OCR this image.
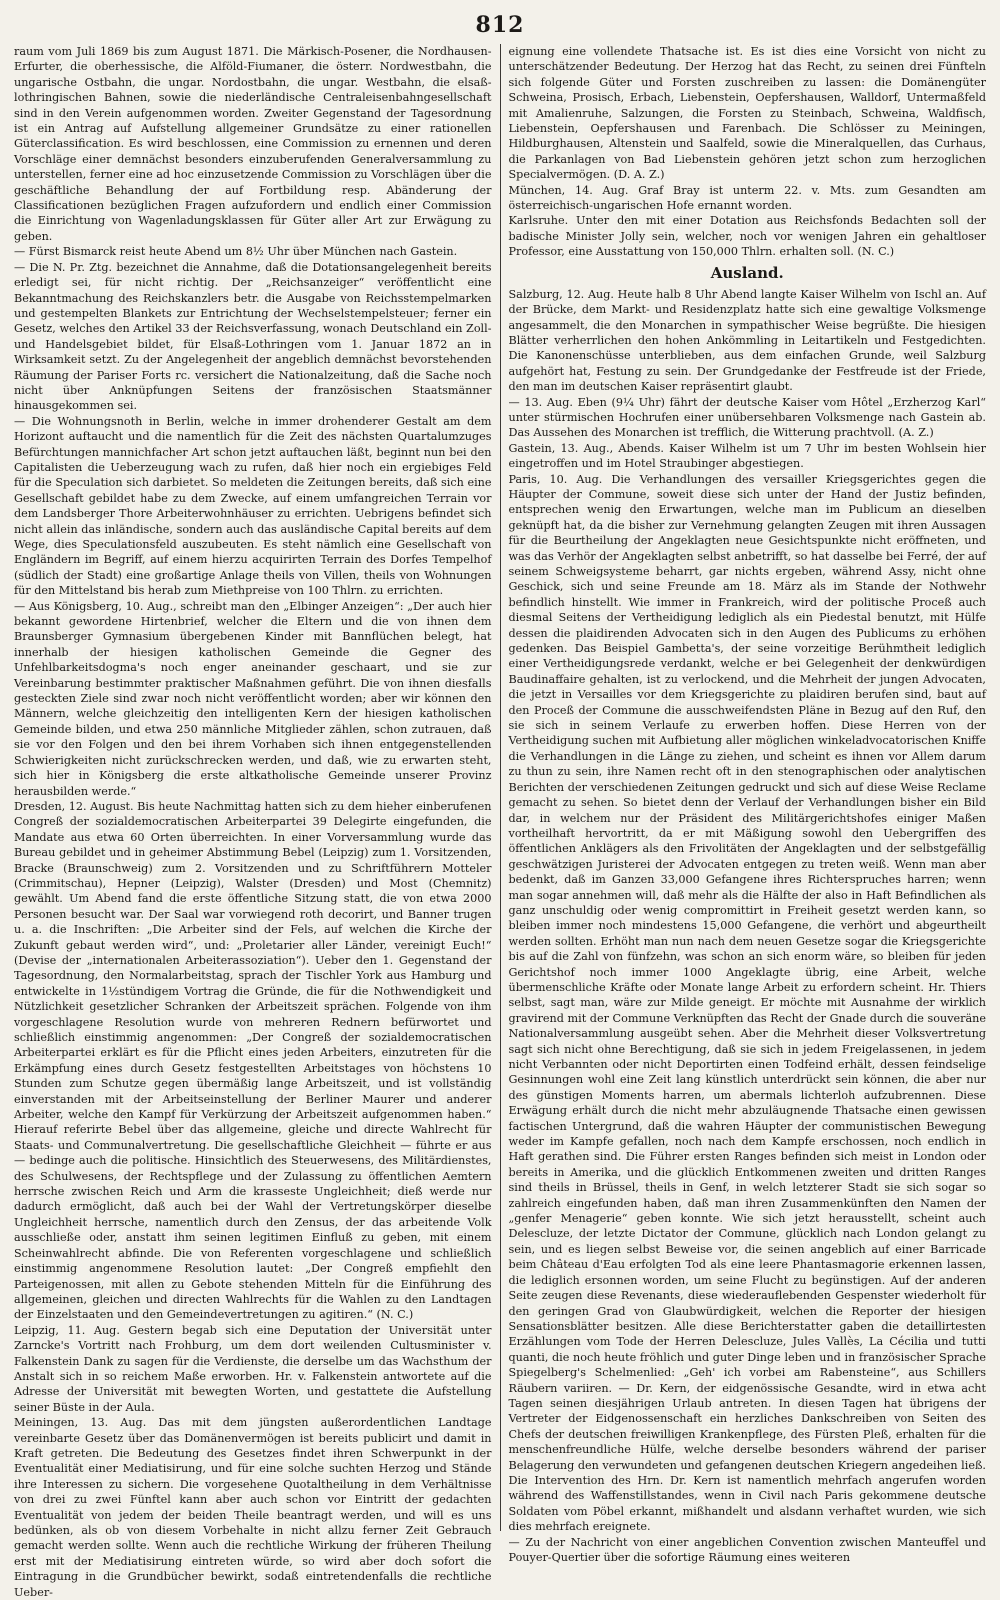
812

raum vom Juli 1869 bis zum August 1871. Die Märkisch-Posener, die Nordhausen-Erfurter, die oberhessische, die Alföld-Fiumaner, die österr. Nordwestbahn, die ungarische Ostbahn, die ungar. Nordostbahn, die ungar. Westbahn, die elsaß-lothringischen Bahnen, sowie die niederländische Centraleisenbahngesellschaft sind in den Verein aufgenommen worden. Zweiter Gegenstand der Tagesordnung ist ein Antrag auf Aufstellung allgemeiner Grundsätze zu einer rationellen Güterclassification. Es wird beschlossen, eine Commission zu ernennen und deren Vorschläge einer demnächst besonders einzuberufenden Generalversammlung zu unterstellen, ferner eine ad hoc einzusetzende Commission zu Vorschlägen über die geschäftliche Behandlung der auf Fortbildung resp. Abänderung der Classificationen bezüglichen Fragen aufzufordern und endlich einer Commission die Einrichtung von Wagenladungsklassen für Güter aller Art zur Erwägung zu geben.

— Fürst Bismarck reist heute Abend um 8½ Uhr über München nach Gastein.

— Die N. Pr. Ztg. bezeichnet die Annahme, daß die Dotationsangelegenheit bereits erledigt sei, für nicht richtig. Der „Reichsanzeiger“ veröffentlicht eine Bekanntmachung des Reichskanzlers betr. die Ausgabe von Reichsstempelmarken und gestempelten Blankets zur Entrichtung der Wechselstempelsteuer; ferner ein Gesetz, welches den Artikel 33 der Reichsverfassung, wonach Deutschland ein Zoll- und Handelsgebiet bildet, für Elsaß-Lothringen vom 1. Januar 1872 an in Wirksamkeit setzt. Zu der Angelegenheit der angeblich demnächst bevorstehenden Räumung der Pariser Forts rc. versichert die Nationalzeitung, daß die Sache noch nicht über Anknüpfungen Seitens der französischen Staatsmänner hinausgekommen sei.

— Die Wohnungsnoth in Berlin, welche in immer drohenderer Gestalt am dem Horizont auftaucht und die namentlich für die Zeit des nächsten Quartalumzuges Befürchtungen mannichfacher Art schon jetzt auftauchen läßt, beginnt nun bei den Capitalisten die Ueberzeugung wach zu rufen, daß hier noch ein ergiebiges Feld für die Speculation sich darbietet. So meldeten die Zeitungen bereits, daß sich eine Gesellschaft gebildet habe zu dem Zwecke, auf einem umfangreichen Terrain vor dem Landsberger Thore Arbeiterwohnhäuser zu errichten. Uebrigens befindet sich nicht allein das inländische, sondern auch das ausländische Capital bereits auf dem Wege, dies Speculationsfeld auszubeuten. Es steht nämlich eine Gesellschaft von Engländern im Begriff, auf einem hierzu acquirirten Terrain des Dorfes Tempelhof (südlich der Stadt) eine großartige Anlage theils von Villen, theils von Wohnungen für den Mittelstand bis herab zum Miethpreise von 100 Thlrn. zu errichten.

— Aus Königsberg, 10. Aug., schreibt man den „Elbinger Anzeigen“: „Der auch hier bekannt gewordene Hirtenbrief, welcher die Eltern und die von ihnen dem Braunsberger Gymnasium übergebenen Kinder mit Bannflüchen belegt, hat innerhalb der hiesigen katholischen Gemeinde die Gegner des Unfehlbarkeitsdogma's noch enger aneinander geschaart, und sie zur Vereinbarung bestimmter praktischer Maßnahmen geführt. Die von ihnen diesfalls gesteckten Ziele sind zwar noch nicht veröffentlicht worden; aber wir können den Männern, welche gleichzeitig den intelligenten Kern der hiesigen katholischen Gemeinde bilden, und etwa 250 männliche Mitglieder zählen, schon zutrauen, daß sie vor den Folgen und den bei ihrem Vorhaben sich ihnen entgegenstellenden Schwierigkeiten nicht zurückschrecken werden, und daß, wie zu erwarten steht, sich hier in Königsberg die erste altkatholische Gemeinde unserer Provinz herausbilden werde.“

Dresden, 12. August. Bis heute Nachmittag hatten sich zu dem hieher einberufenen Congreß der sozialdemocratischen Arbeiterpartei 39 Delegirte eingefunden, die Mandate aus etwa 60 Orten überreichten. In einer Vorversammlung wurde das Bureau gebildet und in geheimer Abstimmung Bebel (Leipzig) zum 1. Vorsitzenden, Bracke (Braunschweig) zum 2. Vorsitzenden und zu Schriftführern Motteler (Crimmitschau), Hepner (Leipzig), Walster (Dresden) und Most (Chemnitz) gewählt. Um Abend fand die erste öffentliche Sitzung statt, die von etwa 2000 Personen besucht war. Der Saal war vorwiegend roth decorirt, und Banner trugen u. a. die Inschriften: „Die Arbeiter sind der Fels, auf welchen die Kirche der Zukunft gebaut werden wird“, und: „Proletarier aller Länder, vereinigt Euch!“ (Devise der „internationalen Arbeiterassoziation“). Ueber den 1. Gegenstand der Tagesordnung, den Normalarbeitstag, sprach der Tischler York aus Hamburg und entwickelte in 1½stündigem Vortrag die Gründe, die für die Nothwendigkeit und Nützlichkeit gesetzlicher Schranken der Arbeitszeit sprächen. Folgende von ihm vorgeschlagene Resolution wurde von mehreren Rednern befürwortet und schließlich einstimmig angenommen: „Der Congreß der sozialdemocratischen Arbeiterpartei erklärt es für die Pflicht eines jeden Arbeiters, einzutreten für die Erkämpfung eines durch Gesetz festgestellten Arbeitstages von höchstens 10 Stunden zum Schutze gegen übermäßig lange Arbeitszeit, und ist vollständig einverstanden mit der Arbeitseinstellung der Berliner Maurer und anderer Arbeiter, welche den Kampf für Verkürzung der Arbeitszeit aufgenommen haben.“ Hierauf referirte Bebel über das allgemeine, gleiche und directe Wahlrecht für Staats- und Communalvertretung. Die gesellschaftliche Gleichheit — führte er aus — bedinge auch die politische. Hinsichtlich des Steuerwesens, des Militärdienstes, des Schulwesens, der Rechtspflege und der Zulassung zu öffentlichen Aemtern herrsche zwischen Reich und Arm die krasseste Ungleichheit; dieß werde nur dadurch ermöglicht, daß auch bei der Wahl der Vertretungskörper dieselbe Ungleichheit herrsche, namentlich durch den Zensus, der das arbeitende Volk ausschließe oder, anstatt ihm seinen legitimen Einfluß zu geben, mit einem Scheinwahlrecht abfinde. Die von Referenten vorgeschlagene und schließlich einstimmig angenommene Resolution lautet: „Der Congreß empfiehlt den Parteigenossen, mit allen zu Gebote stehenden Mitteln für die Einführung des allgemeinen, gleichen und directen Wahlrechts für die Wahlen zu den Landtagen der Einzelstaaten und den Gemeindevertretungen zu agitiren.“ (N. C.)

Leipzig, 11. Aug. Gestern begab sich eine Deputation der Universität unter Zarncke's Vortritt nach Frohburg, um dem dort weilenden Cultusminister v. Falkenstein Dank zu sagen für die Verdienste, die derselbe um das Wachsthum der Anstalt sich in so reichem Maße erworben. Hr. v. Falkenstein antwortete auf die Adresse der Universität mit bewegten Worten, und gestattete die Aufstellung seiner Büste in der Aula.

Meiningen, 13. Aug. Das mit dem jüngsten außerordentlichen Landtage vereinbarte Gesetz über das Domänenvermögen ist bereits publicirt und damit in Kraft getreten. Die Bedeutung des Gesetzes findet ihren Schwerpunkt in der Eventualität einer Mediatisirung, und für eine solche suchten Herzog und Stände ihre Interessen zu sichern. Die vorgesehene Quotaltheilung in dem Verhältnisse von drei zu zwei Fünftel kann aber auch schon vor Eintritt der gedachten Eventualität von jedem der beiden Theile beantragt werden, und will es uns bedünken, als ob von diesem Vorbehalte in nicht allzu ferner Zeit Gebrauch gemacht werden sollte. Wenn auch die rechtliche Wirkung der früheren Theilung erst mit der Mediatisirung eintreten würde, so wird aber doch sofort die Eintragung in die Grundbücher bewirkt, sodaß eintretendenfalls die rechtliche Ueber-

eignung eine vollendete Thatsache ist. Es ist dies eine Vorsicht von nicht zu unterschätzender Bedeutung. Der Herzog hat das Recht, zu seinen drei Fünfteln sich folgende Güter und Forsten zuschreiben zu lassen: die Domänengüter Schweina, Prosisch, Erbach, Liebenstein, Oepfershausen, Walldorf, Untermaßfeld mit Amalienruhe, Salzungen, die Forsten zu Steinbach, Schweina, Waldfisch, Liebenstein, Oepfershausen und Farenbach. Die Schlösser zu Meiningen, Hildburghausen, Altenstein und Saalfeld, sowie die Mineralquellen, das Curhaus, die Parkanlagen von Bad Liebenstein gehören jetzt schon zum herzoglichen Specialvermögen. (D. A. Z.)

München, 14. Aug. Graf Bray ist unterm 22. v. Mts. zum Gesandten am österreichisch-ungarischen Hofe ernannt worden.

Karlsruhe. Unter den mit einer Dotation aus Reichsfonds Bedachten soll der badische Minister Jolly sein, welcher, noch vor wenigen Jahren ein gehaltloser Professor, eine Ausstattung von 150,000 Thlrn. erhalten soll. (N. C.)

Ausland.

Salzburg, 12. Aug. Heute halb 8 Uhr Abend langte Kaiser Wilhelm von Ischl an. Auf der Brücke, dem Markt- und Residenzplatz hatte sich eine gewaltige Volksmenge angesammelt, die den Monarchen in sympathischer Weise begrüßte. Die hiesigen Blätter verherrlichen den hohen Ankömmling in Leitartikeln und Festgedichten. Die Kanonenschüsse unterblieben, aus dem einfachen Grunde, weil Salzburg aufgehört hat, Festung zu sein. Der Grundgedanke der Festfreude ist der Friede, den man im deutschen Kaiser repräsentirt glaubt.

— 13. Aug. Eben (9¼ Uhr) fährt der deutsche Kaiser vom Hôtel „Erzherzog Karl“ unter stürmischen Hochrufen einer unübersehbaren Volksmenge nach Gastein ab. Das Aussehen des Monarchen ist trefflich, die Witterung prachtvoll. (A. Z.)

Gastein, 13. Aug., Abends. Kaiser Wilhelm ist um 7 Uhr im besten Wohlsein hier eingetroffen und im Hotel Straubinger abgestiegen.

Paris, 10. Aug. Die Verhandlungen des versailler Kriegsgerichtes gegen die Häupter der Commune, soweit diese sich unter der Hand der Justiz befinden, entsprechen wenig den Erwartungen, welche man im Publicum an dieselben geknüpft hat, da die bisher zur Vernehmung gelangten Zeugen mit ihren Aussagen für die Beurtheilung der Angeklagten neue Gesichtspunkte nicht eröffneten, und was das Verhör der Angeklagten selbst anbetrifft, so hat dasselbe bei Ferré, der auf seinem Schweigsysteme beharrt, gar nichts ergeben, während Assy, nicht ohne Geschick, sich und seine Freunde am 18. März als im Stande der Nothwehr befindlich hinstellt. Wie immer in Frankreich, wird der politische Proceß auch diesmal Seitens der Vertheidigung lediglich als ein Piedestal benutzt, mit Hülfe dessen die plaidirenden Advocaten sich in den Augen des Publicums zu erhöhen gedenken. Das Beispiel Gambetta's, der seine vorzeitige Berühmtheit lediglich einer Vertheidigungsrede verdankt, welche er bei Gelegenheit der denkwürdigen Baudinaffaire gehalten, ist zu verlockend, und die Mehrheit der jungen Advocaten, die jetzt in Versailles vor dem Kriegsgerichte zu plaidiren berufen sind, baut auf den Proceß der Commune die ausschweifendsten Pläne in Bezug auf den Ruf, den sie sich in seinem Verlaufe zu erwerben hoffen. Diese Herren von der Vertheidigung suchen mit Aufbietung aller möglichen winkeladvocatorischen Kniffe die Verhandlungen in die Länge zu ziehen, und scheint es ihnen vor Allem darum zu thun zu sein, ihre Namen recht oft in den stenographischen oder analytischen Berichten der verschiedenen Zeitungen gedruckt und sich auf diese Weise Reclame gemacht zu sehen. So bietet denn der Verlauf der Verhandlungen bisher ein Bild dar, in welchem nur der Präsident des Militärgerichtshofes einiger Maßen vortheilhaft hervortritt, da er mit Mäßigung sowohl den Uebergriffen des öffentlichen Anklägers als den Frivolitäten der Angeklagten und der selbstgefällig geschwätzigen Juristerei der Advocaten entgegen zu treten weiß. Wenn man aber bedenkt, daß im Ganzen 33,000 Gefangene ihres Richterspruches harren; wenn man sogar annehmen will, daß mehr als die Hälfte der also in Haft Befindlichen als ganz unschuldig oder wenig compromittirt in Freiheit gesetzt werden kann, so bleiben immer noch mindestens 15,000 Gefangene, die verhört und abgeurtheilt werden sollten. Erhöht man nun nach dem neuen Gesetze sogar die Kriegsgerichte bis auf die Zahl von fünfzehn, was schon an sich enorm wäre, so bleiben für jeden Gerichtshof noch immer 1000 Angeklagte übrig, eine Arbeit, welche übermenschliche Kräfte oder Monate lange Arbeit zu erfordern scheint. Hr. Thiers selbst, sagt man, wäre zur Milde geneigt. Er möchte mit Ausnahme der wirklich gravirend mit der Commune Verknüpften das Recht der Gnade durch die souveräne Nationalversammlung ausgeübt sehen. Aber die Mehrheit dieser Volksvertretung sagt sich nicht ohne Berechtigung, daß sie sich in jedem Freigelassenen, in jedem nicht Verbannten oder nicht Deportirten einen Todfeind erhält, dessen feindselige Gesinnungen wohl eine Zeit lang künstlich unterdrückt sein können, die aber nur des günstigen Moments harren, um abermals lichterloh aufzubrennen. Diese Erwägung erhält durch die nicht mehr abzuläugnende Thatsache einen gewissen factischen Untergrund, daß die wahren Häupter der communistischen Bewegung weder im Kampfe gefallen, noch nach dem Kampfe erschossen, noch endlich in Haft gerathen sind. Die Führer ersten Ranges befinden sich meist in London oder bereits in Amerika, und die glücklich Entkommenen zweiten und dritten Ranges sind theils in Brüssel, theils in Genf, in welch letzterer Stadt sie sich sogar so zahlreich eingefunden haben, daß man ihren Zusammenkünften den Namen der „genfer Menagerie“ geben konnte. Wie sich jetzt herausstellt, scheint auch Delescluze, der letzte Dictator der Commune, glücklich nach London gelangt zu sein, und es liegen selbst Beweise vor, die seinen angeblich auf einer Barricade beim Château d'Eau erfolgten Tod als eine leere Phantasmagorie erkennen lassen, die lediglich ersonnen worden, um seine Flucht zu begünstigen. Auf der anderen Seite zeugen diese Revenants, diese wiederauflebenden Gespenster wiederholt für den geringen Grad von Glaubwürdigkeit, welchen die Reporter der hiesigen Sensationsblätter besitzen. Alle diese Berichterstatter gaben die detaillirtesten Erzählungen vom Tode der Herren Delescluze, Jules Vallès, La Cécilia und tutti quanti, die noch heute fröhlich und guter Dinge leben und in französischer Sprache Spiegelberg's Schelmenlied: „Geh' ich vorbei am Rabensteine“, aus Schillers Räubern variiren. — Dr. Kern, der eidgenössische Gesandte, wird in etwa acht Tagen seinen diesjährigen Urlaub antreten. In diesen Tagen hat übrigens der Vertreter der Eidgenossenschaft ein herzliches Dankschreiben von Seiten des Chefs der deutschen freiwilligen Krankenpflege, des Fürsten Pleß, erhalten für die menschenfreundliche Hülfe, welche derselbe besonders während der pariser Belagerung den verwundeten und gefangenen deutschen Kriegern angedeihen ließ. Die Intervention des Hrn. Dr. Kern ist namentlich mehrfach angerufen worden während des Waffenstillstandes, wenn in Civil nach Paris gekommene deutsche Soldaten vom Pöbel erkannt, mißhandelt und alsdann verhaftet wurden, wie sich dies mehrfach ereignete.

— Zu der Nachricht von einer angeblichen Convention zwischen Manteuffel und Pouyer-Quertier über die sofortige Räumung eines weiteren
